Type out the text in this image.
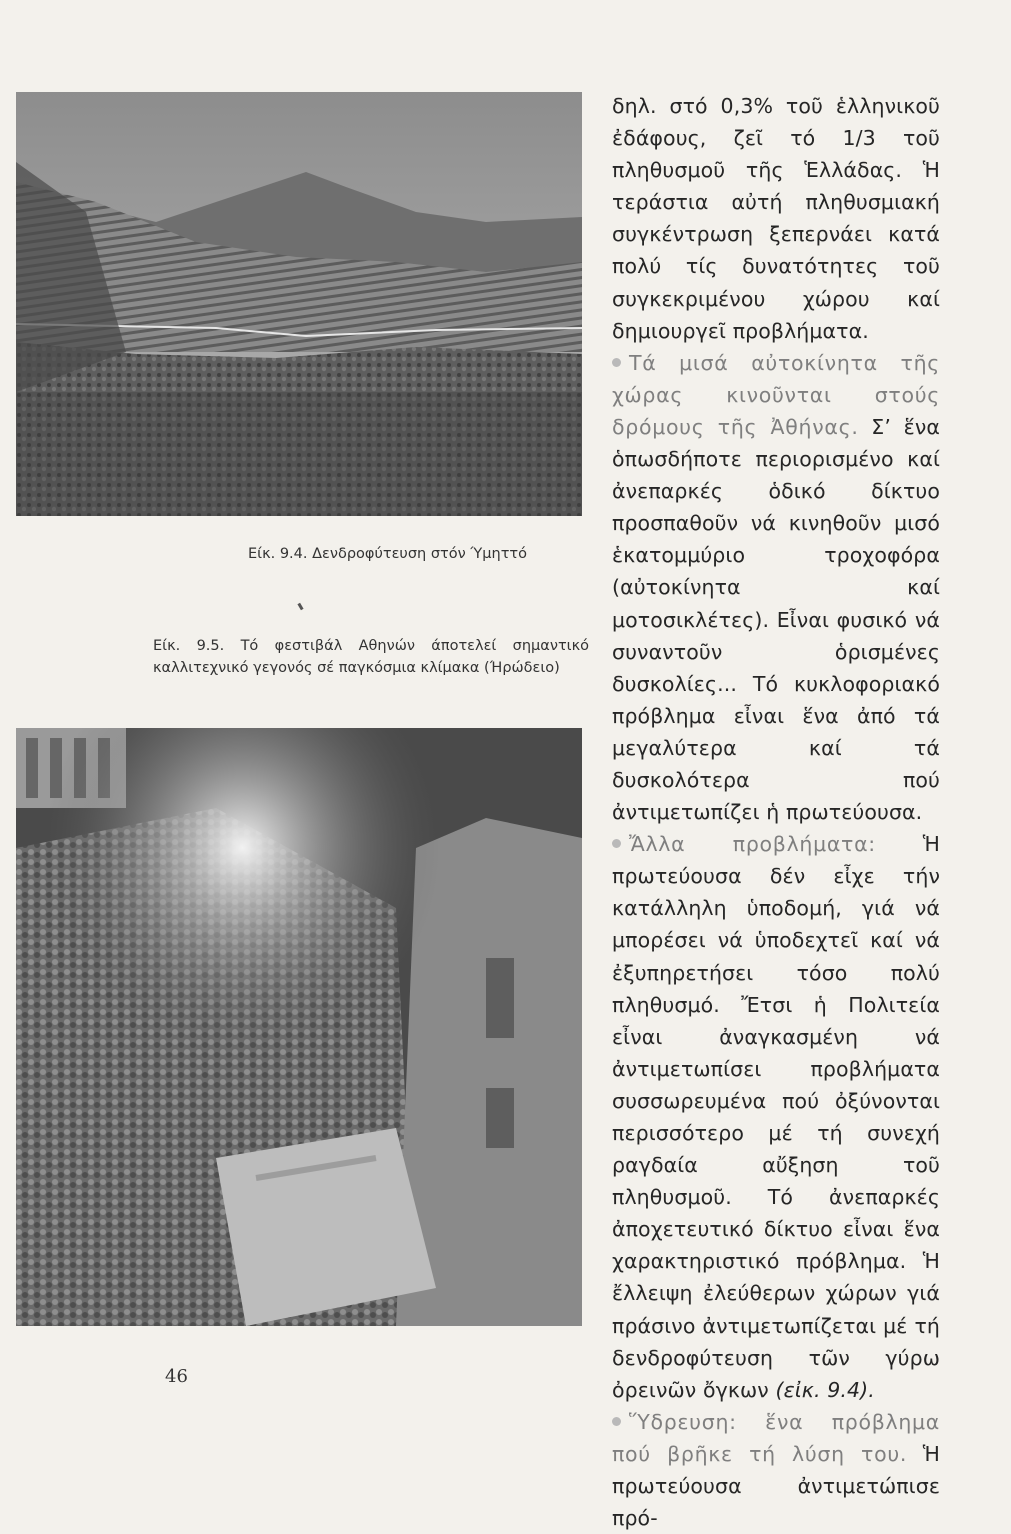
Είκ. 9.4. Δενδροφύτευση στόν Ύμηττό
Είκ. 9.5. Τό φεστιβάλ Αθηνών άποτελεί σημαντικό καλλιτεχνικό γεγονός σέ παγκόσμια κλίμακα (Ήρώδειο)

δηλ. στό 0,3% τοῦ ἑλληνικοῦ ἐδάφους, ζεῖ τό 1/3 τοῦ πληθυσμοῦ τῆς Ἑλλάδας. Ἡ τεράστια αὐτή πληθυσμιακή συγκέντρωση ξεπερνάει κατά πολύ τίς δυνατότητες τοῦ συγκεκριμένου χώρου καί δημιουργεῖ προβλήματα.

Τά μισά αὐτοκίνητα τῆς χώρας κινοῦνται στούς δρόμους τῆς Ἀθήνας. Σ’ ἕνα ὁπωσδήποτε περιορισμένο καί ἀνεπαρκές ὁδικό δίκτυο προσπαθοῦν νά κινηθοῦν μισό ἑκατομμύριο τροχοφόρα (αὐτοκίνητα καί μοτοσικλέτες). Εἶναι φυσικό νά συναντοῦν ὁρισμένες δυσκολίες... Τό κυκλοφοριακό πρόβλημα εἶναι ἕνα ἀπό τά μεγαλύτερα καί τά δυσκολότερα πού ἀντιμετωπίζει ἡ πρωτεύουσα.

Ἄλλα προβλήματα: Ἡ πρωτεύουσα δέν εἶχε τήν κατάλληλη ὑποδομή, γιά νά μπορέσει νά ὑποδεχτεῖ καί νά ἐξυπηρετήσει τόσο πολύ πληθυσμό. Ἔτσι ἡ Πολιτεία εἶναι ἀναγκασμένη νά ἀντιμετωπίσει προβλήματα συσσωρευμένα πού ὀξύνονται περισσότερο μέ τή συνεχή ραγδαία αὔξηση τοῦ πληθυσμοῦ. Τό ἀνεπαρκές ἀποχετευτικό δίκτυο εἶναι ἕνα χαρακτηριστικό πρόβλημα. Ἡ ἔλλειψη ἐλεύθερων χώρων γιά πράσινο ἀντιμετωπίζεται μέ τή δενδροφύτευση τῶν γύρω ὀρεινῶν ὄγκων (εἰκ. 9.4).

Ὕδρευση: ἕνα πρόβλημα πού βρῆκε τή λύση του. Ἡ πρωτεύουσα ἀντιμετώπισε πρό-

46
